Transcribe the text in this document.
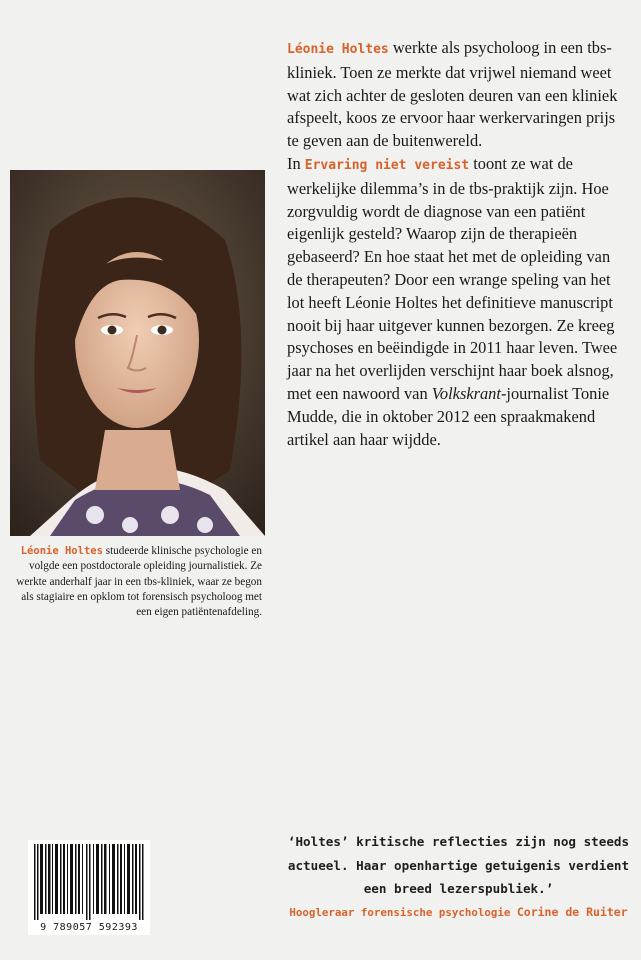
Léonie Holtes werkte als psycholoog in een tbs-kliniek. Toen ze merkte dat vrijwel niemand weet wat zich achter de gesloten deuren van een kliniek afspeelt, koos ze ervoor haar werkervaringen prijs te geven aan de buitenwereld.

In Ervaring niet vereist toont ze wat de werkelijke dilemma’s in de tbs-praktijk zijn. Hoe zorgvuldig wordt de diagnose van een patiënt eigenlijk gesteld? Waarop zijn de therapieën gebaseerd? En hoe staat het met de opleiding van de therapeuten? Door een wrange speling van het lot heeft Léonie Holtes het definitieve manuscript nooit bij haar uitgever kunnen bezorgen. Ze kreeg psychoses en beëindigde in 2011 haar leven. Twee jaar na het overlijden verschijnt haar boek alsnog, met een nawoord van Volkskrant-journalist Tonie Mudde, die in oktober 2012 een spraakmakend artikel aan haar wijdde.

Léonie Holtes studeerde klinische psychologie en volgde een postdoctorale opleiding journalistiek. Ze werkte anderhalf jaar in een tbs-kliniek, waar ze begon als stagiaire en opklom tot forensisch psycholoog met een eigen patiëntenafdeling.
‘Holtes’ kritische reflecties zijn nog steeds actueel. Haar openhartige getuigenis verdient een breed lezerspubliek.’
Hoogleraar forensische psychologie Corine de Ruiter
9 789057 592393
